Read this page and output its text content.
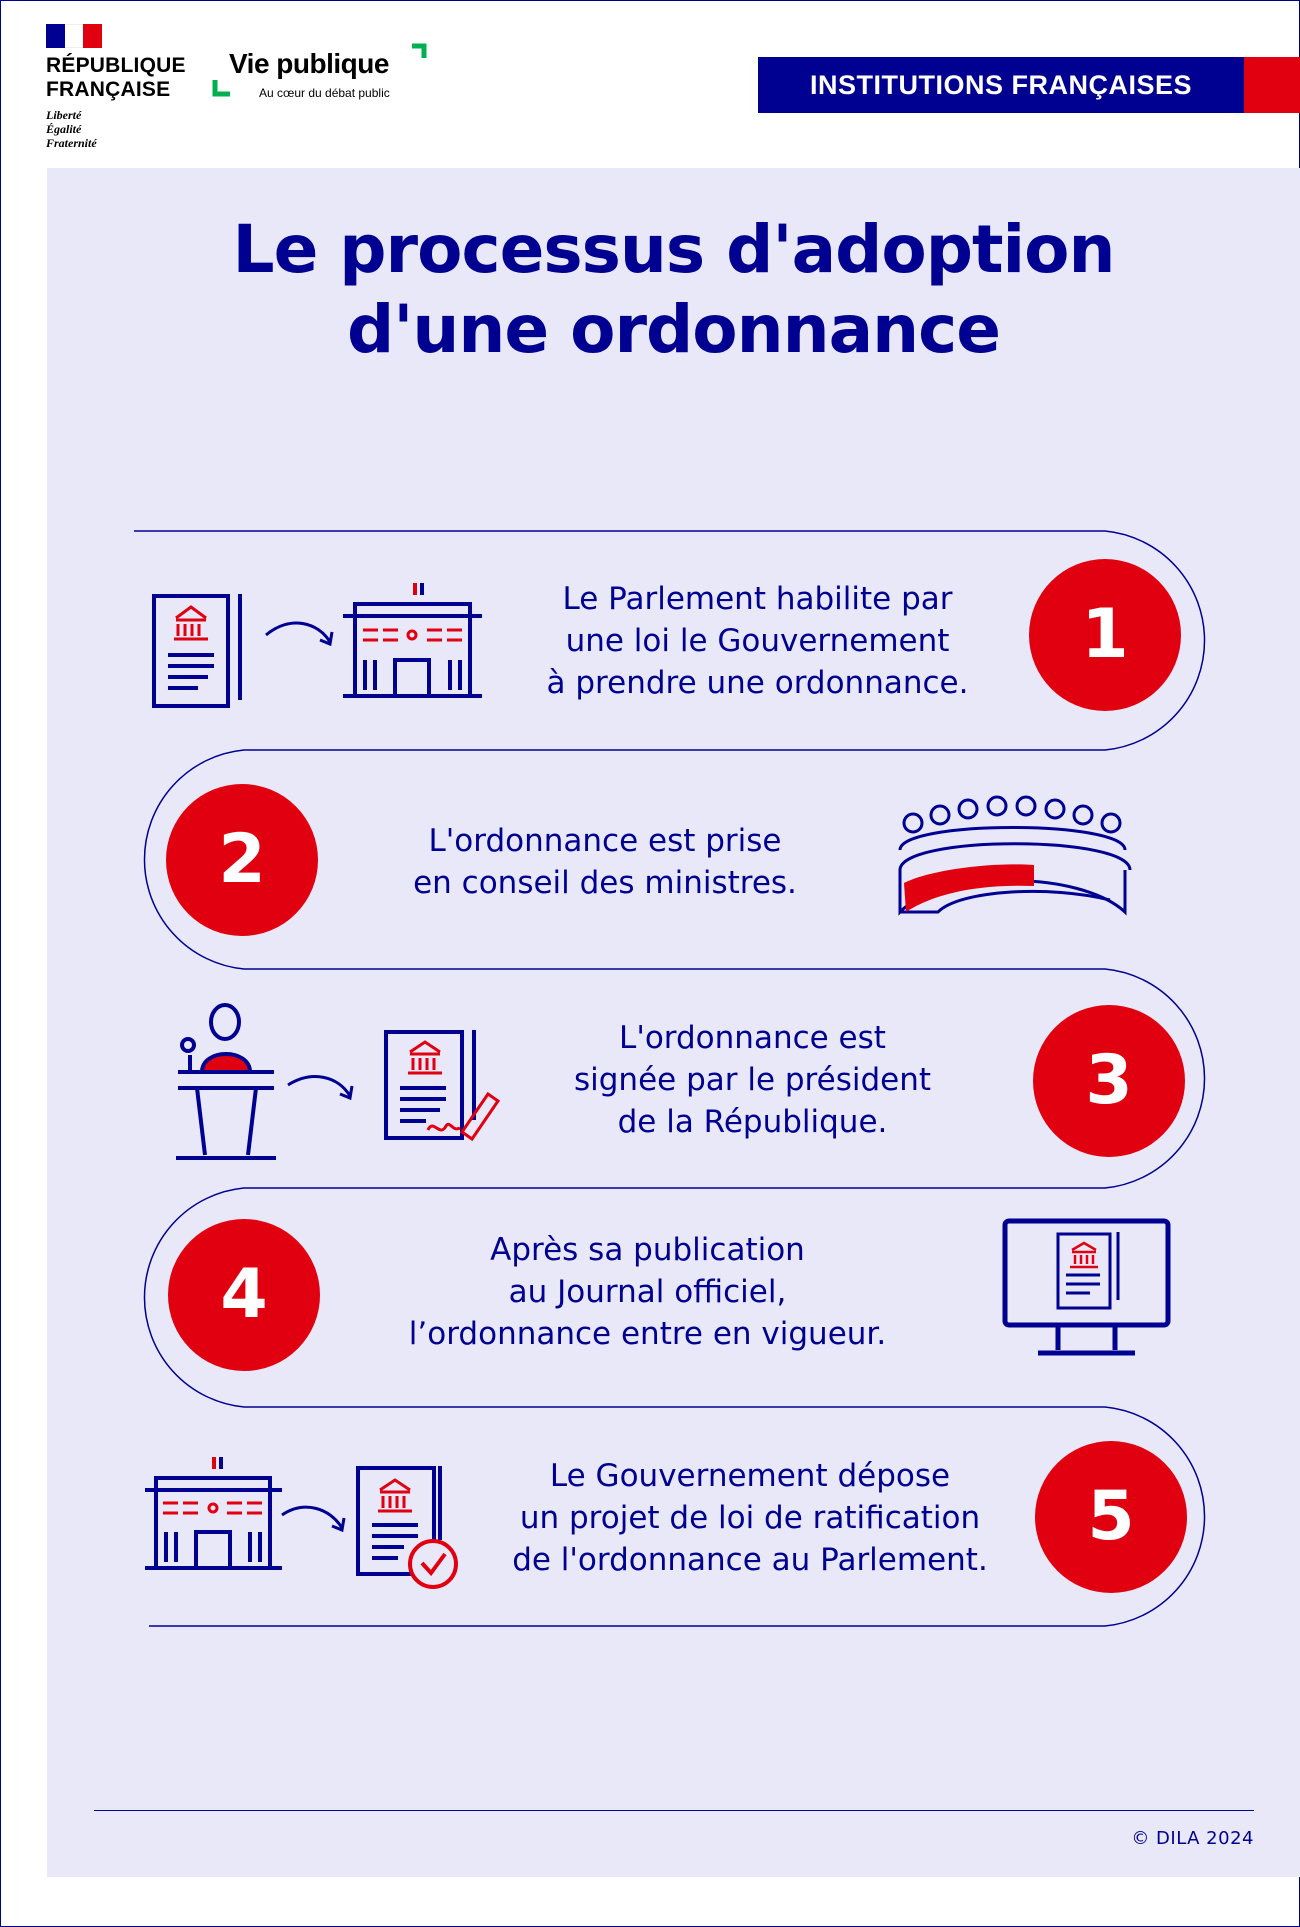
RÉPUBLIQUE
FRANÇAISE
Liberté
Égalité
Fraternité
Vie publique
Au cœur du débat public	INSTITUTIONS FRANÇAISES
Le processus d'adoption
d'une ordonnance
Le Parlement habilite par
une loi le Gouvernement
à prendre une ordonnance.
L'ordonnance est prise
en conseil des ministres.
L'ordonnance est
signée par le président
de la République.
Après sa publication
au Journal officiel,
l’ordonnance entre en vigueur.
Le Gouvernement dépose
un projet de loi de ratification
de l'ordonnance au Parlement.
1
2
3
4
5
© DILA 2024
